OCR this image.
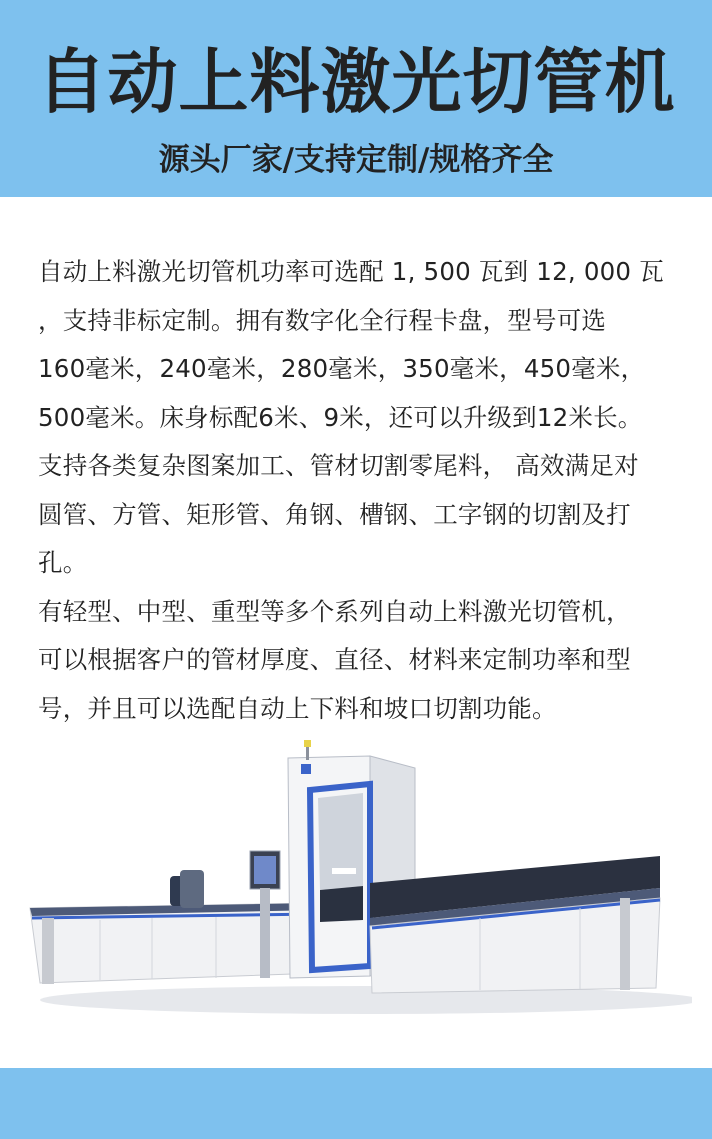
自动上料激光切管机
源头厂家/支持定制/规格齐全

自动上料激光切管机功率可选配 1, 500 瓦到 12, 000 瓦

，支持非标定制。拥有数字化全行程卡盘，型号可选

160毫米，240毫米，280毫米，350毫米，450毫米，

500毫米。床身标配6米、9米，还可以升级到12米长。

支持各类复杂图案加工、管材切割零尾料， 高效满足对

圆管、方管、矩形管、角钢、槽钢、工字钢的切割及打

孔。

有轻型、中型、重型等多个系列自动上料激光切管机，

可以根据客户的管材厚度、直径、材料来定制功率和型

号，并且可以选配自动上下料和坡口切割功能。
